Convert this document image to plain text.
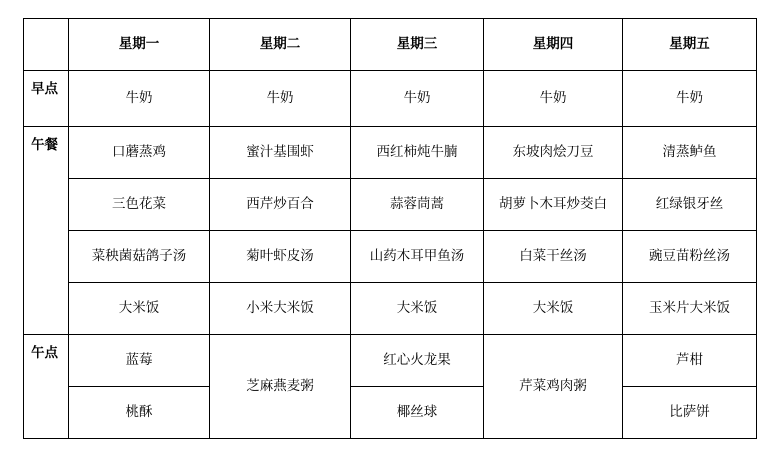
	星期一	星期二	星期三	星期四	星期五
早点	牛奶	牛奶	牛奶	牛奶	牛奶
午餐	口蘑蒸鸡	蜜汁基围虾	西红柿炖牛腩	东坡肉烩刀豆	清蒸鲈鱼
	三色花菜	西芹炒百合	蒜蓉茼蒿	胡萝卜木耳炒茭白	红绿银牙丝
	菜秧菌菇鸽子汤	菊叶虾皮汤	山药木耳甲鱼汤	白菜干丝汤	豌豆苗粉丝汤
	大米饭	小米大米饭	大米饭	大米饭	玉米片大米饭
午点	蓝莓	芝麻燕麦粥	红心火龙果	芹菜鸡肉粥	芦柑
	桃酥		椰丝球		比萨饼
